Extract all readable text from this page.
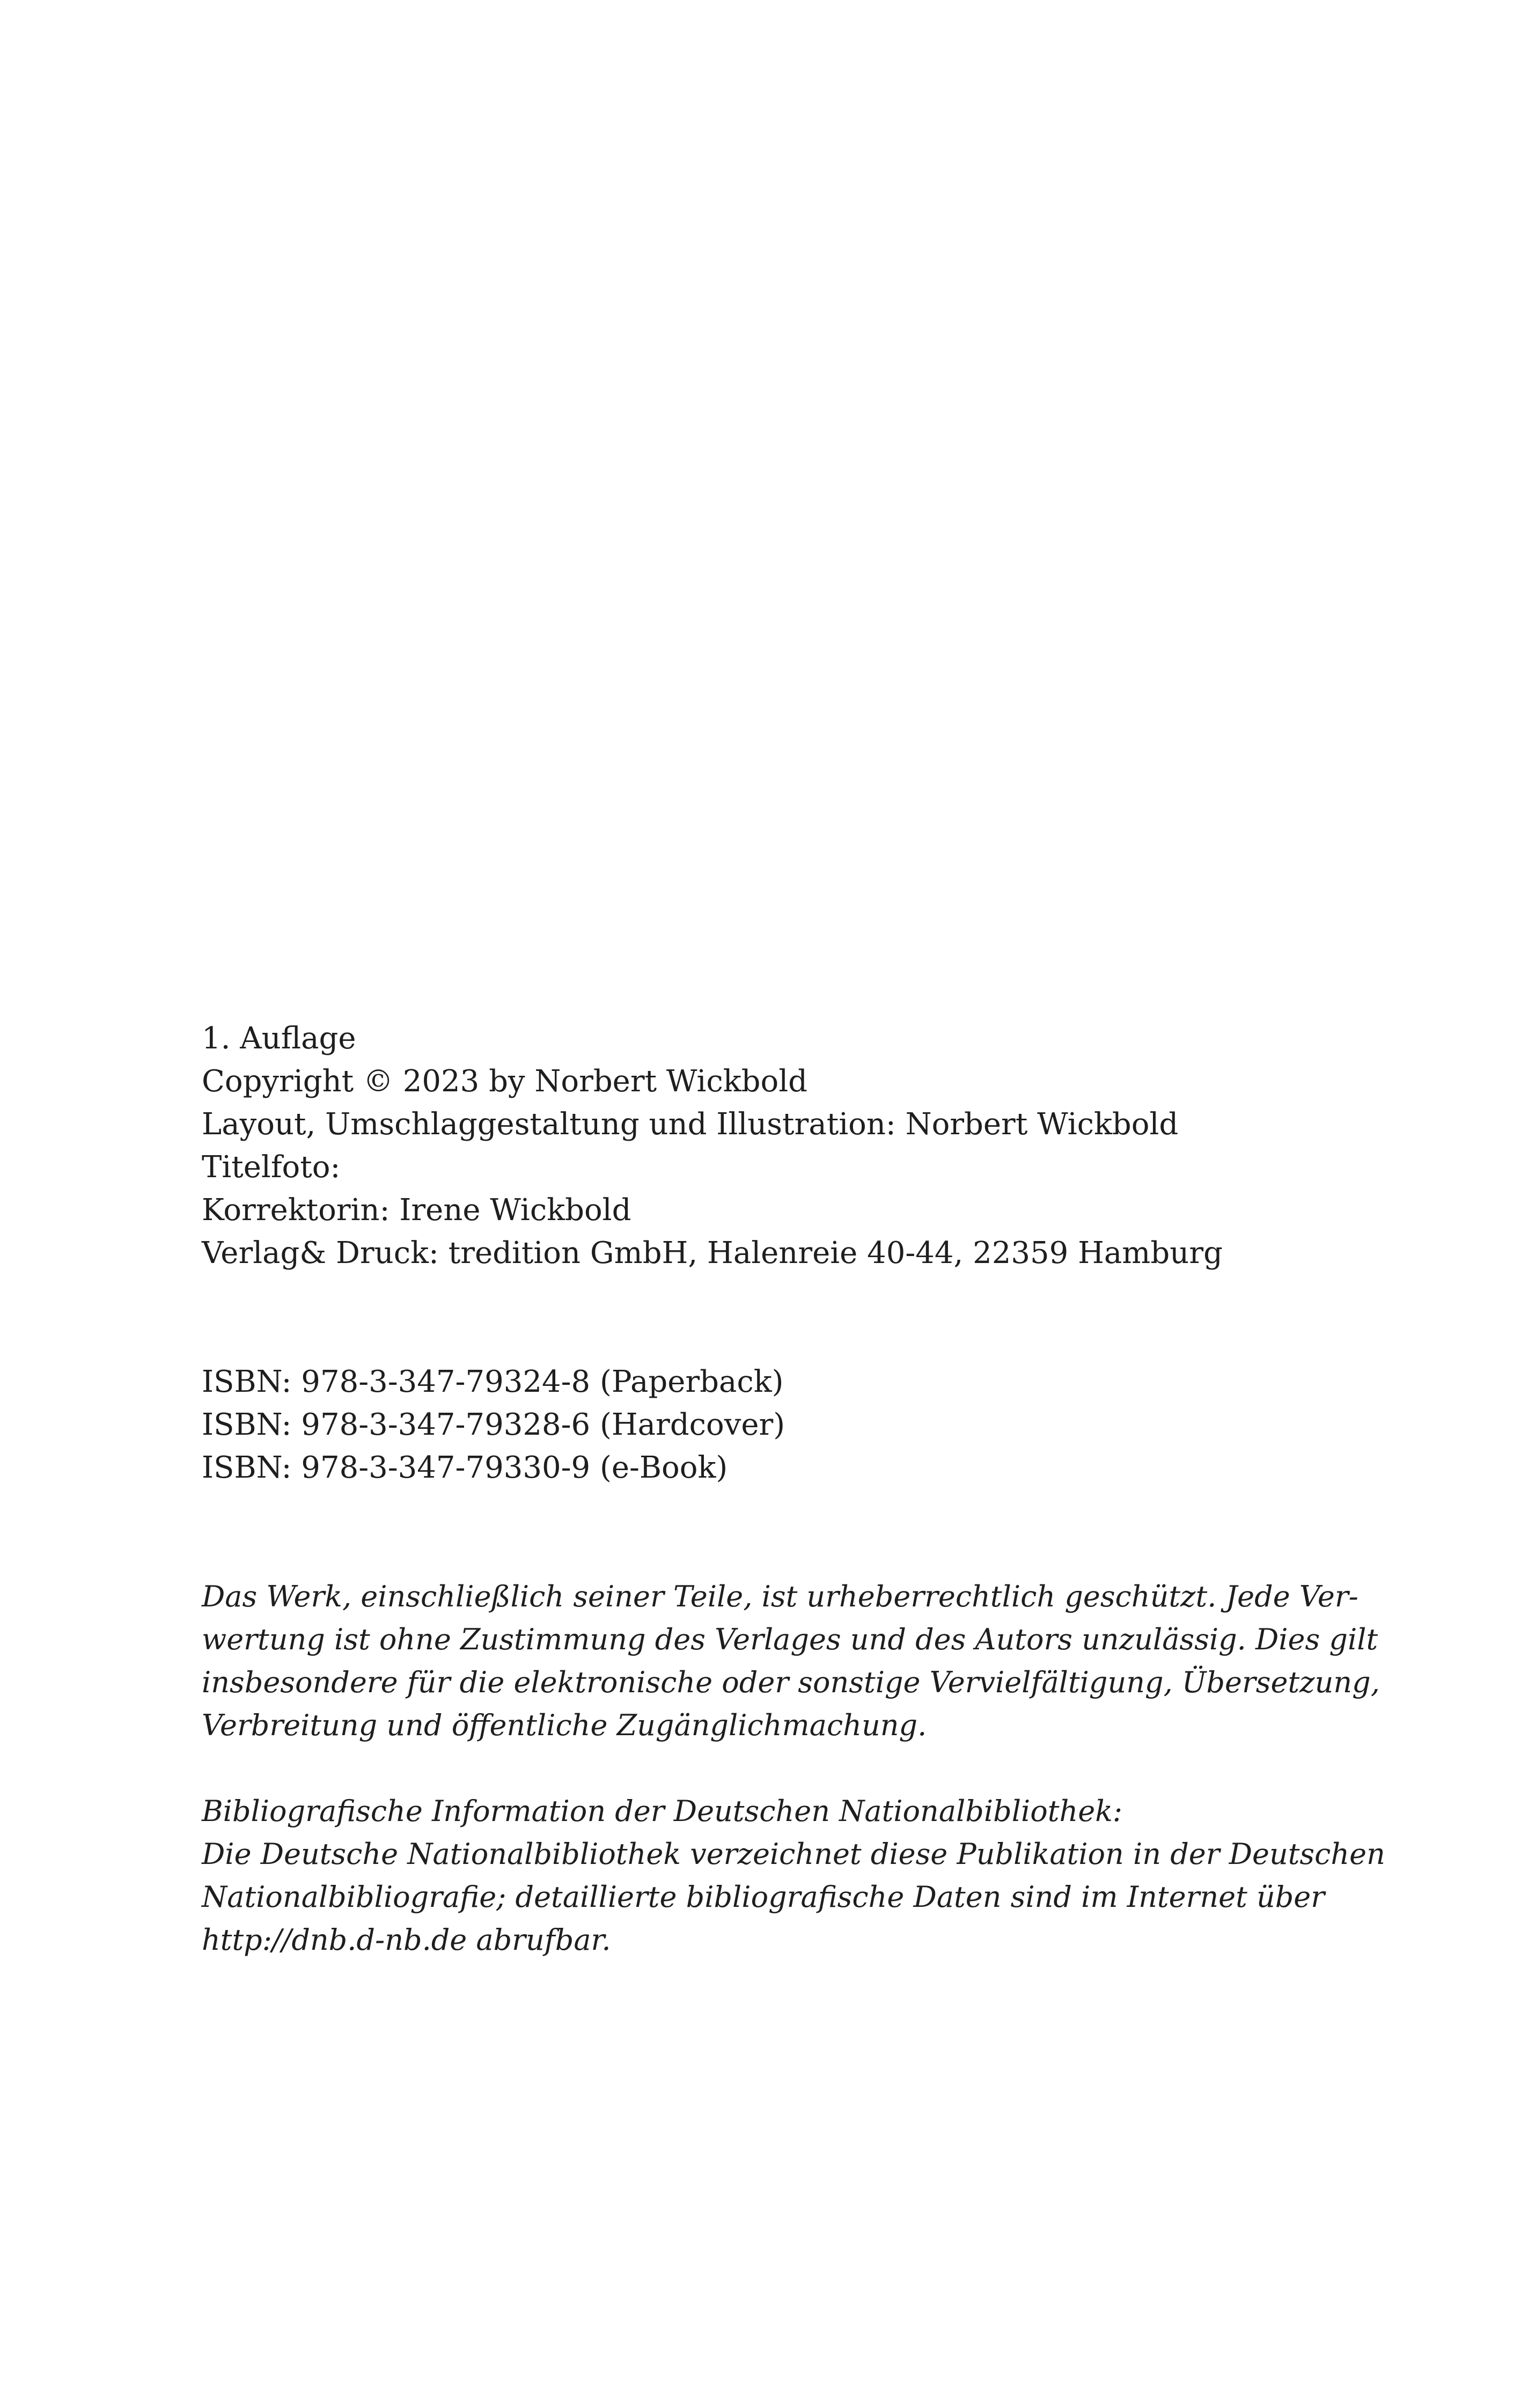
1. Auflage
Copyright © 2023 by Norbert Wickbold
Layout, Umschlaggestaltung und Illustration: Norbert Wickbold
Titelfoto:
Korrektorin: Irene Wickbold
Verlag& Druck: tredition GmbH, Halenreie 40-44, 22359 Hamburg
ISBN: 978-3-347-79324-8 (Paperback)
ISBN: 978-3-347-79328-6 (Hardcover)
ISBN: 978-3-347-79330-9 (e-Book)
Das Werk, einschließlich seiner Teile, ist urheberrechtlich geschützt. Jede Ver-
wertung ist ohne Zustimmung des Verlages und des Autors unzulässig. Dies gilt
insbesondere für die elektronische oder sonstige Vervielfältigung, Übersetzung,
Verbreitung und öffentliche Zugänglichmachung.
Bibliografische Information der Deutschen Nationalbibliothek:
Die Deutsche Nationalbibliothek verzeichnet diese Publikation in der Deutschen
Nationalbibliografie; detaillierte bibliografische Daten sind im Internet über
http://dnb.d-nb.de abrufbar.
